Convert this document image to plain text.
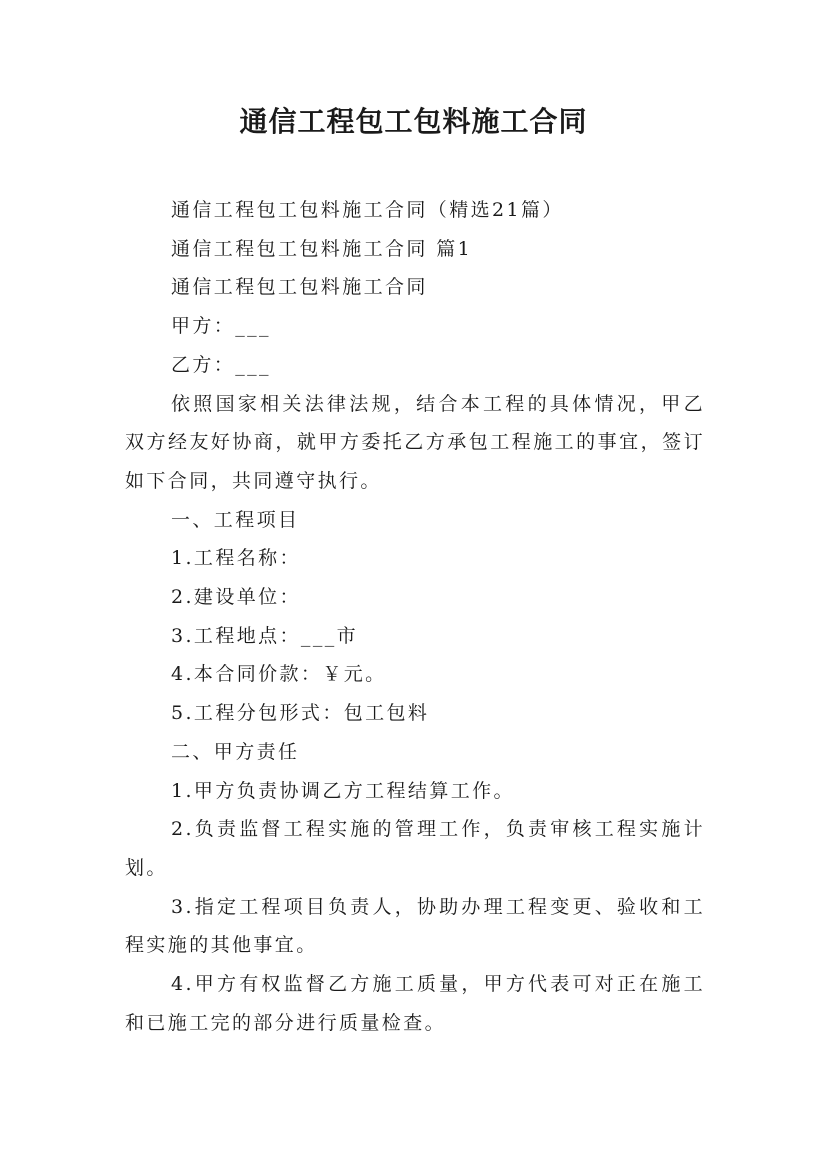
通信工程包工包料施工合同

通信工程包工包料施工合同（精选21篇）

通信工程包工包料施工合同 篇1

通信工程包工包料施工合同

甲方：___

乙方：___

依照国家相关法律法规，结合本工程的具体情况，甲乙双方经友好协商，就甲方委托乙方承包工程施工的事宜，签订如下合同，共同遵守执行。

一、工程项目

1.工程名称：

2.建设单位：

3.工程地点：___市

4.本合同价款：￥元。

5.工程分包形式：包工包料

二、甲方责任

1.甲方负责协调乙方工程结算工作。

2.负责监督工程实施的管理工作，负责审核工程实施计划。

3.指定工程项目负责人，协助办理工程变更、验收和工程实施的其他事宜。

4.甲方有权监督乙方施工质量，甲方代表可对正在施工和已施工完的部分进行质量检查。
